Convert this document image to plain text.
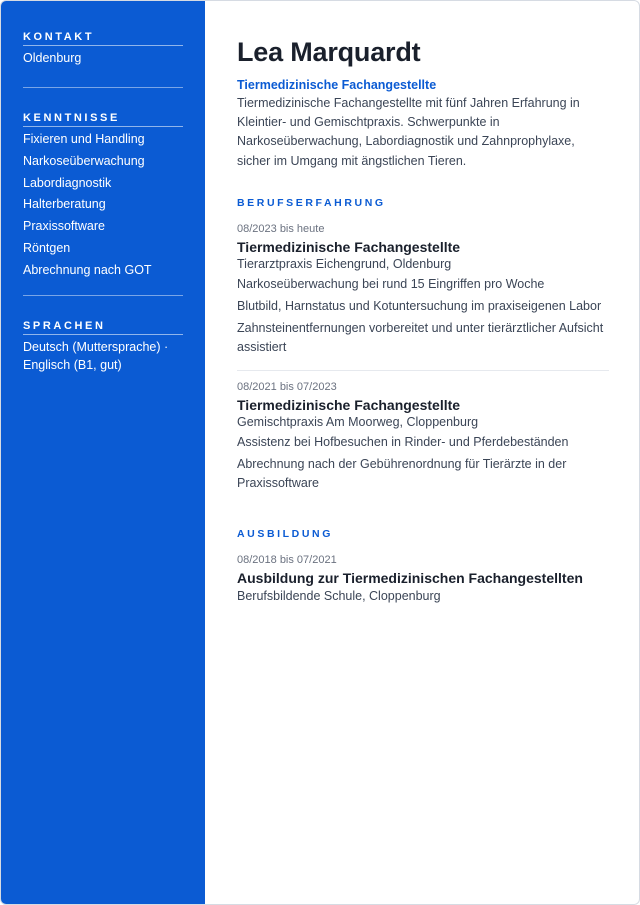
KONTAKT
Oldenburg
KENNTNISSE
Fixieren und Handling
Narkoseüberwachung
Labordiagnostik
Halterberatung
Praxissoftware
Röntgen
Abrechnung nach GOT
SPRACHEN
Deutsch (Muttersprache) ·
Englisch (B1, gut)
Lea Marquardt
Tiermedizinische Fachangestellte
Tiermedizinische Fachangestellte mit fünf Jahren Erfahrung in Kleintier- und Gemischtpraxis. Schwerpunkte in Narkoseüberwachung, Labordiagnostik und Zahnprophylaxe, sicher im Umgang mit ängstlichen Tieren.
BERUFSERFAHRUNG
08/2023 bis heute
Tiermedizinische Fachangestellte
Tierarztpraxis Eichengrund, Oldenburg
Narkoseüberwachung bei rund 15 Eingriffen pro Woche
Blutbild, Harnstatus und Kotuntersuchung im praxiseigenen Labor
Zahnsteinentfernungen vorbereitet und unter tierärztlicher Aufsicht assistiert
08/2021 bis 07/2023
Tiermedizinische Fachangestellte
Gemischtpraxis Am Moorweg, Cloppenburg
Assistenz bei Hofbesuchen in Rinder- und Pferdebeständen
Abrechnung nach der Gebührenordnung für Tierärzte in der Praxissoftware
AUSBILDUNG
08/2018 bis 07/2021
Ausbildung zur Tiermedizinischen Fachangestellten
Berufsbildende Schule, Cloppenburg
